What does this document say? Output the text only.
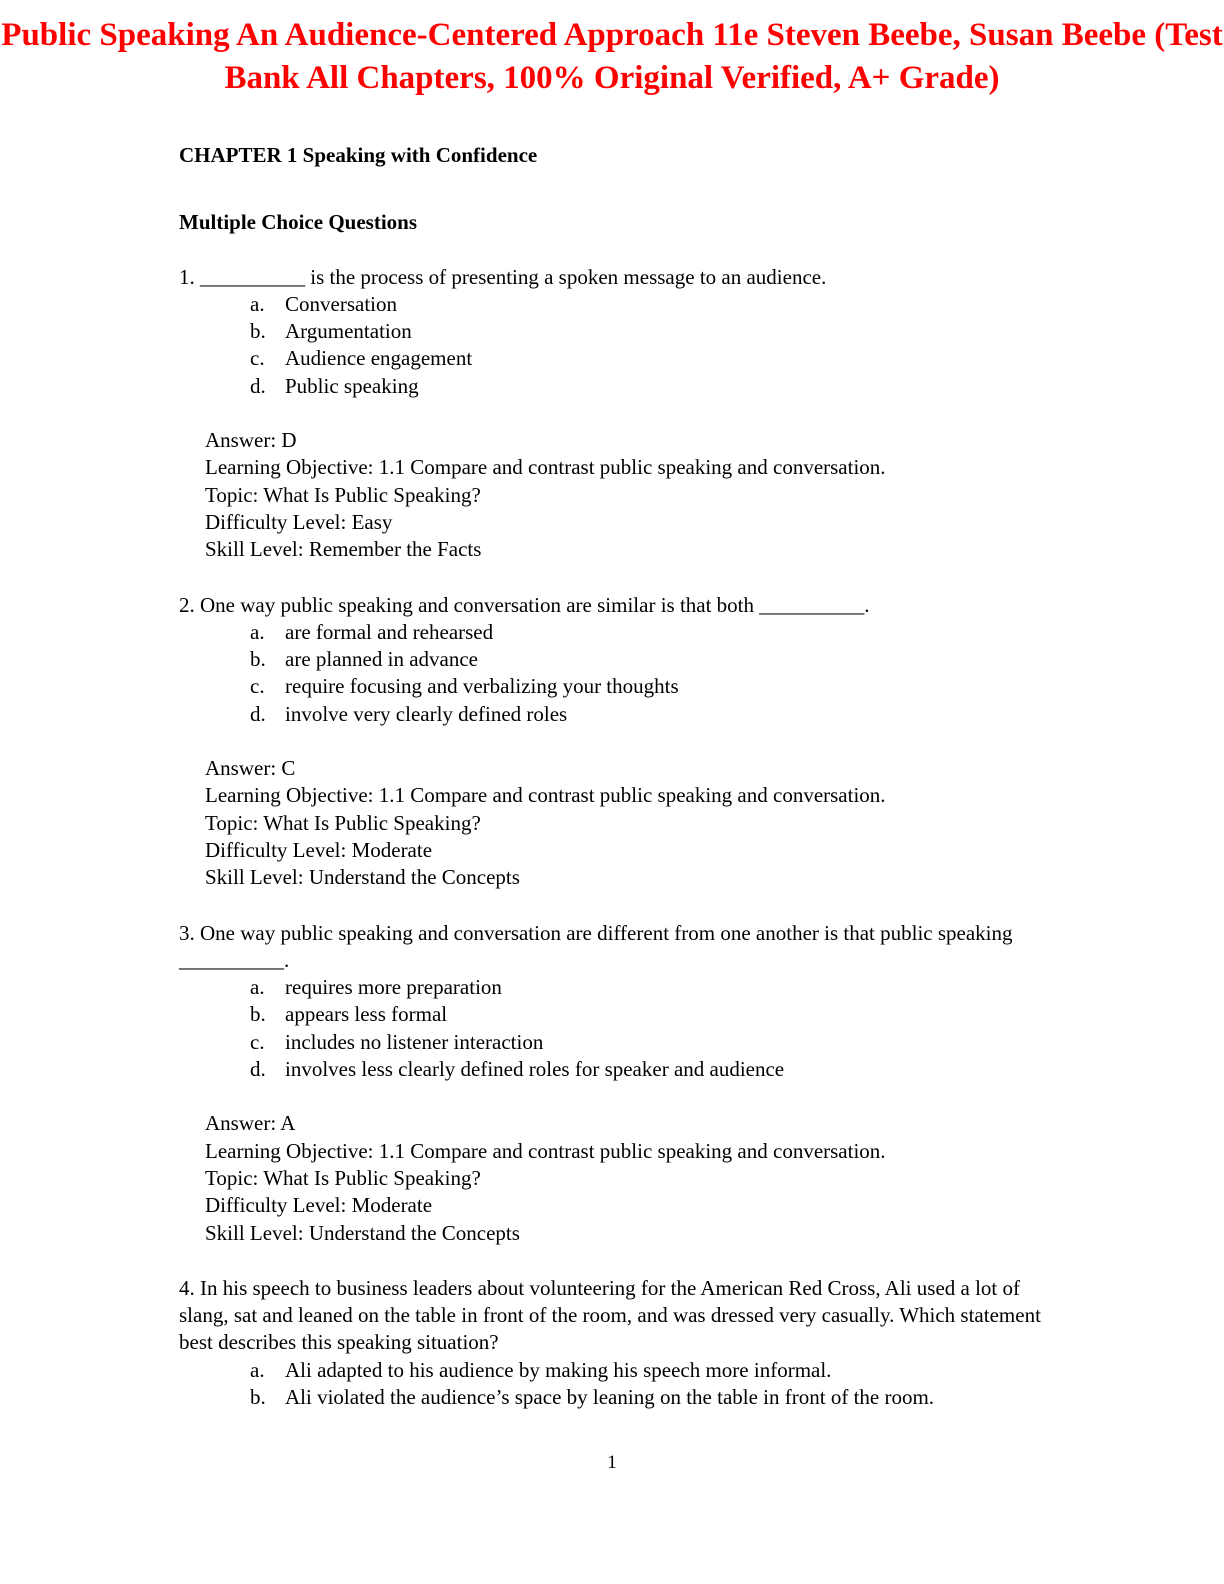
Public Speaking An Audience-Centered Approach 11e Steven Beebe, Susan Beebe (Test Bank All Chapters, 100% Original Verified, A+ Grade)

CHAPTER 1 Speaking with Confidence

Multiple Choice Questions

1. __________ is the process of presenting a spoken message to an audience.

a. Conversation
b. Argumentation
c. Audience engagement
d. Public speaking
Answer: D
Learning Objective: 1.1 Compare and contrast public speaking and conversation.
Topic: What Is Public Speaking?
Difficulty Level: Easy
Skill Level: Remember the Facts

2. One way public speaking and conversation are similar is that both __________.

a. are formal and rehearsed
b. are planned in advance
c. require focusing and verbalizing your thoughts
d. involve very clearly defined roles
Answer: C
Learning Objective: 1.1 Compare and contrast public speaking and conversation.
Topic: What Is Public Speaking?
Difficulty Level: Moderate
Skill Level: Understand the Concepts

3. One way public speaking and conversation are different from one another is that public speaking __________.

a. requires more preparation
b. appears less formal
c. includes no listener interaction
d. involves less clearly defined roles for speaker and audience
Answer: A
Learning Objective: 1.1 Compare and contrast public speaking and conversation.
Topic: What Is Public Speaking?
Difficulty Level: Moderate
Skill Level: Understand the Concepts

4. In his speech to business leaders about volunteering for the American Red Cross, Ali used a lot of slang, sat and leaned on the table in front of the room, and was dressed very casually. Which statement best describes this speaking situation?

a. Ali adapted to his audience by making his speech more informal.
b. Ali violated the audience’s space by leaning on the table in front of the room.
1
